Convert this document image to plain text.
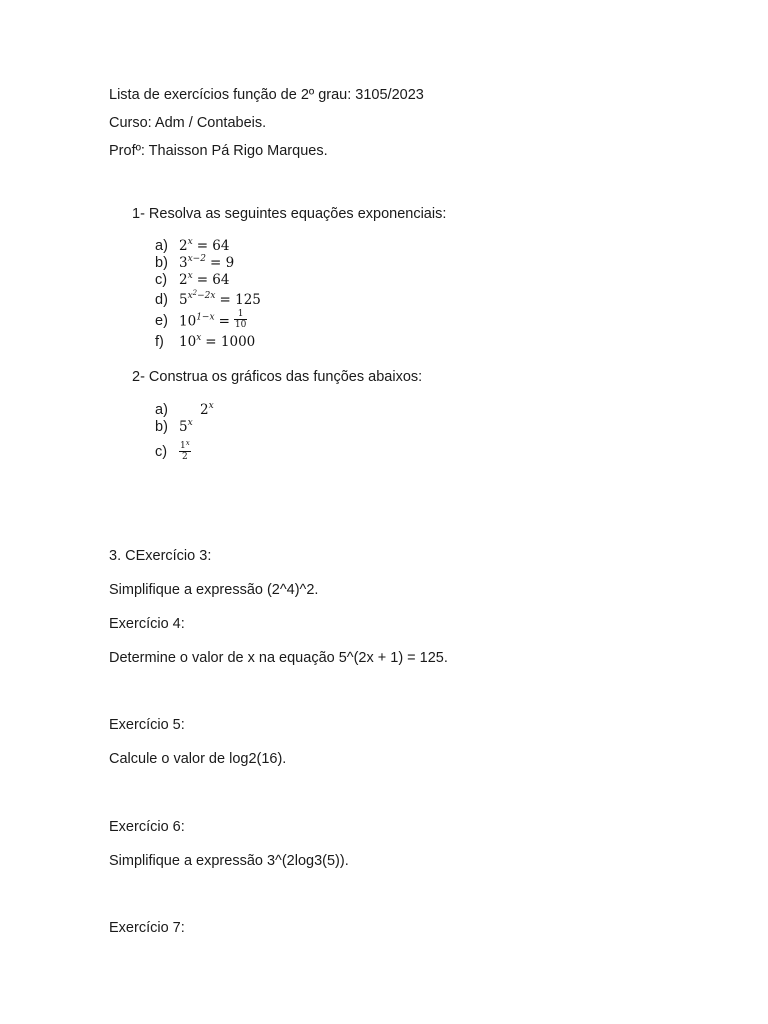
Lista de exercícios função de 2º grau: 3105/2023
Curso: Adm / Contabeis.
Profº: Thaisson Pá Rigo Marques.
1- Resolva as seguintes equações exponenciais:
a) $2^x = 64$
b) $3^{x-2} = 9$
c) $2^x = 64$
d) $5^{x^2-2x} = 125$
e) $10^{1-x} = \frac{1}{10}$
f) $10^x = 1000$
2- Construa os gráficos das funções abaixos:
a) 2$^x$
b) 5$^x$
$c) \frac{1^x}{2}$
3. CExercício 3:
Simplifique a expressão (2^4)^2.
Exercício 4:
Determine o valor de x na equação 5^(2x + 1) = 125.
Exercício 5:
Calcule o valor de log2(16).
Exercício 6:
Simplifique a expressão 3^(2log3(5)).
Exercício 7:
